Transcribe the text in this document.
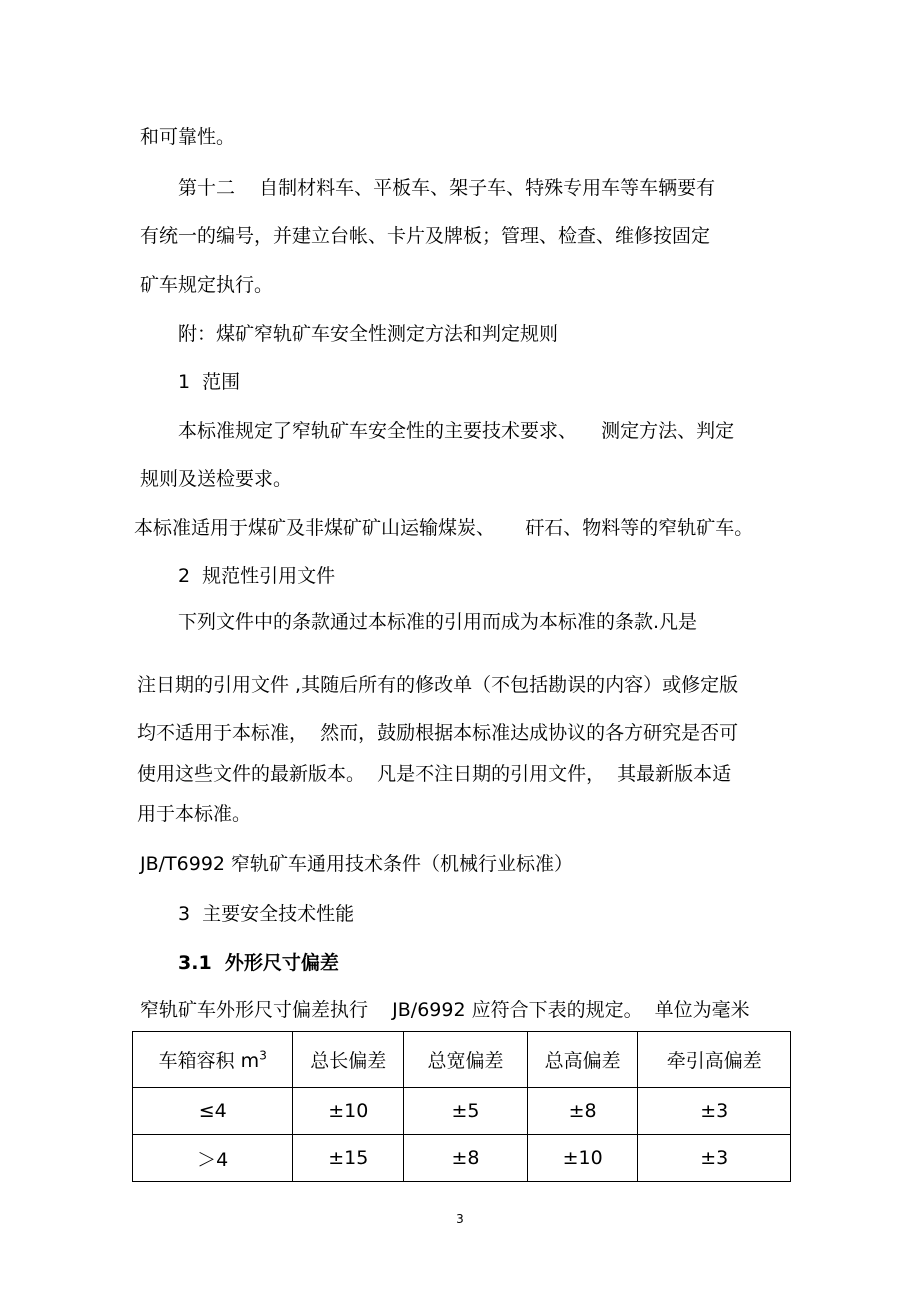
和可靠性。
第十二    自制材料车、平板车、架子车、特殊专用车等车辆要有
有统一的编号，并建立台帐、卡片及牌板；管理、检查、维修按固定
矿车规定执行。
附：煤矿窄轨矿车安全性测定方法和判定规则
1  范围
本标准规定了窄轨矿车安全性的主要技术要求、    测定方法、判定
规则及送检要求。
本标准适用于煤矿及非煤矿矿山运输煤炭、     矸石、物料等的窄轨矿车。
2  规范性引用文件
下列文件中的条款通过本标准的引用而成为本标准的条款.凡是
注日期的引用文件 ,其随后所有的修改单（不包括勘误的内容）或修定版
均不适用于本标准，  然而，鼓励根据本标准达成协议的各方研究是否可
使用这些文件的最新版本。  凡是不注日期的引用文件，  其最新版本适
用于本标准。
JB/T6992 窄轨矿车通用技术条件（机械行业标准）
3  主要安全技术性能
3.1  外形尺寸偏差
窄轨矿车外形尺寸偏差执行    JB/6992 应符合下表的规定。  单位为毫米
车箱容积 $m^3$	总长偏差	总宽偏差	总高偏差	牵引高偏差
≤4	±10	±5	±8	±3
＞4	±15	±8	±10	±3
3
